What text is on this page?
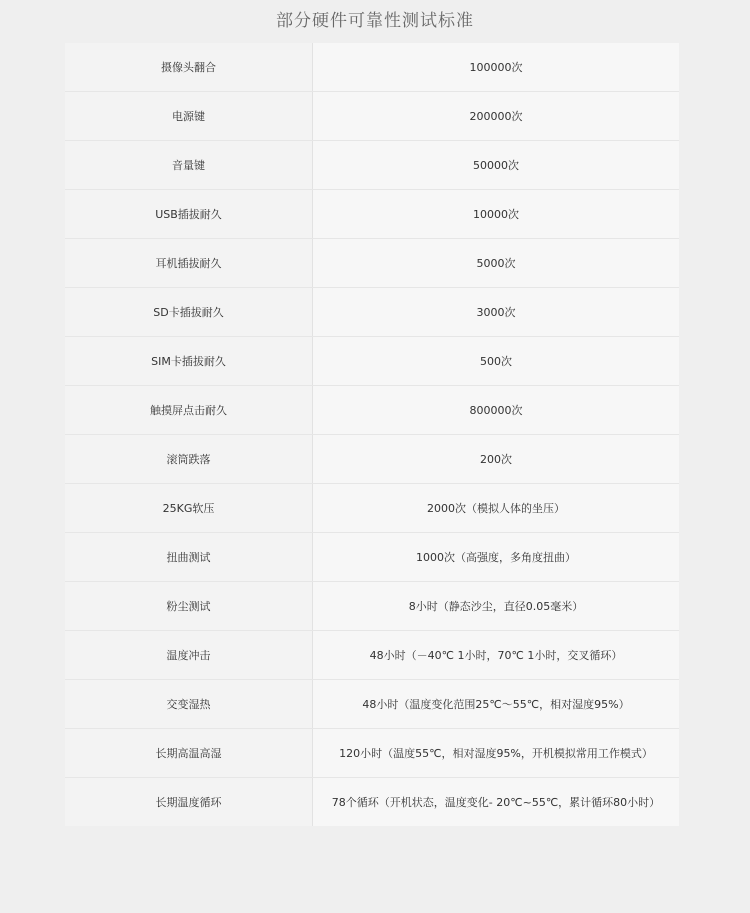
部分硬件可靠性测试标准
摄像头翻合	100000次
电源键	200000次
音量键	50000次
USB插拔耐久	10000次
耳机插拔耐久	5000次
SD卡插拔耐久	3000次
SIM卡插拔耐久	500次
触摸屏点击耐久	800000次
滚筒跌落	200次
25KG软压	2000次（模拟人体的坐压）
扭曲测试	1000次（高强度，多角度扭曲）
粉尘测试	8小时（静态沙尘，直径0.05毫米）
温度冲击	48小时（－40℃ 1小时，70℃ 1小时，交叉循环）
交变湿热	48小时（温度变化范围25℃～55℃，相对湿度95%）
长期高温高湿	120小时（温度55℃，相对湿度95%，开机模拟常用工作模式）
长期温度循环	78个循环（开机状态，温度变化- 20℃~55℃，累计循环80小时）
